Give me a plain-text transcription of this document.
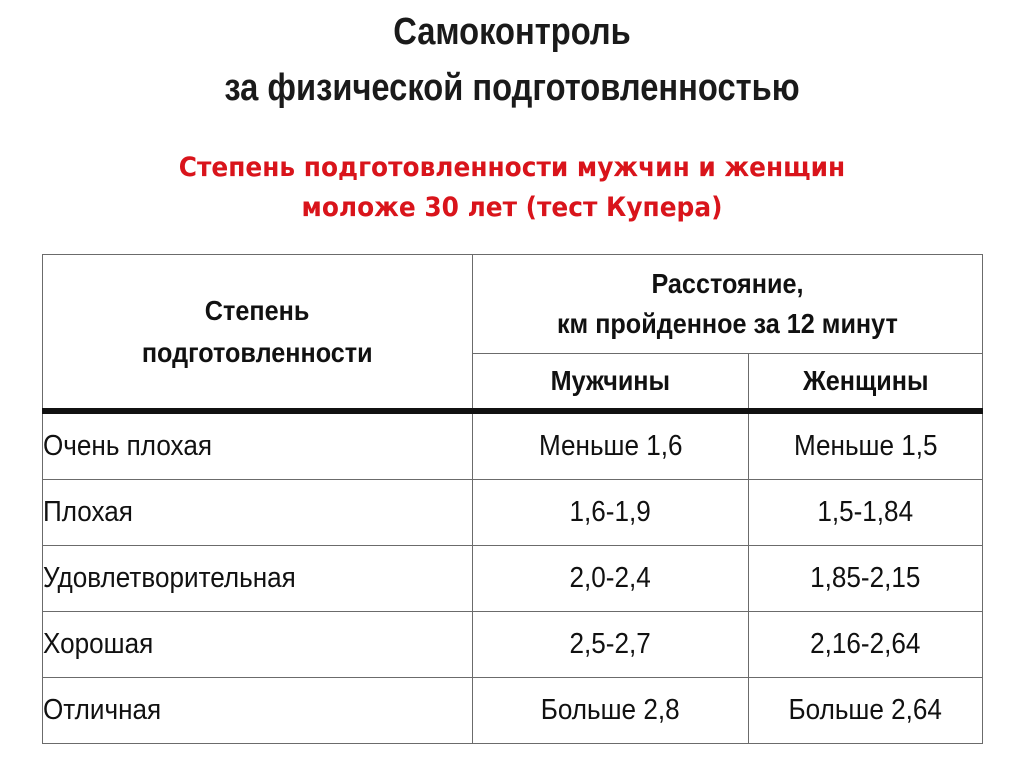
Самоконтроль
за физической подготовленностью
Степень подготовленности мужчин и женщин
моложе 30 лет (тест Купера)
Степень
подготовленности	Расстояние,
км пройденное за 12 минут	
	Мужчины	Женщины
Очень плохая	Меньше 1,6	Меньше 1,5
Плохая	1,6-1,9	1,5-1,84
Удовлетворительная	2,0-2,4	1,85-2,15
Хорошая	2,5-2,7	2,16-2,64
Отличная	Больше 2,8	Больше 2,64
